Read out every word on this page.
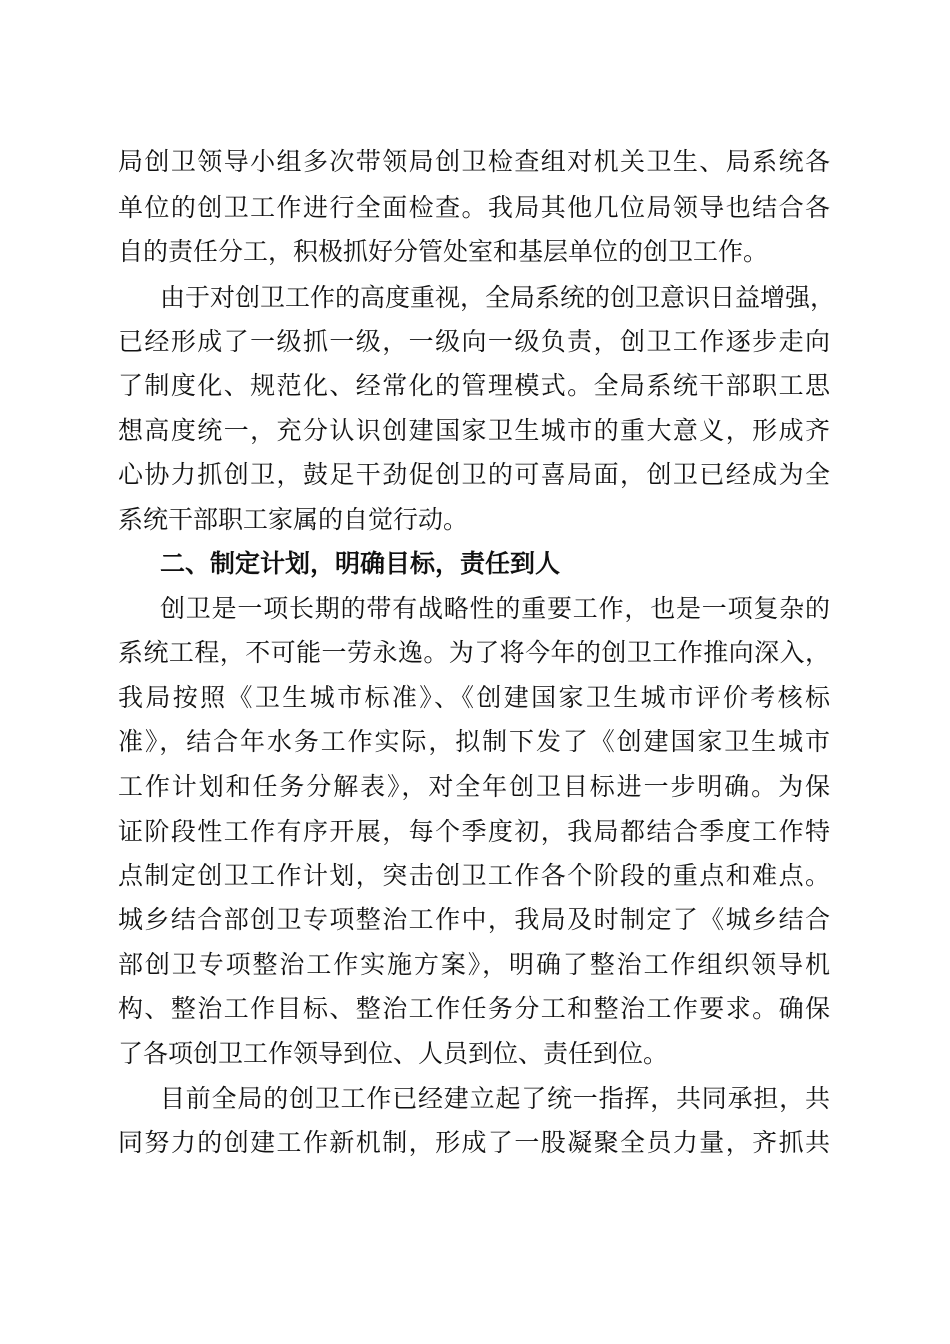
局创卫领导小组多次带领局创卫检查组对机关卫生、局系统各
单位的创卫工作进行全面检查。我局其他几位局领导也结合各
自的责任分工，积极抓好分管处室和基层单位的创卫工作。
由于对创卫工作的高度重视，全局系统的创卫意识日益增强，
已经形成了一级抓一级，一级向一级负责，创卫工作逐步走向
了制度化、规范化、经常化的管理模式。全局系统干部职工思
想高度统一，充分认识创建国家卫生城市的重大意义，形成齐
心协力抓创卫，鼓足干劲促创卫的可喜局面，创卫已经成为全
系统干部职工家属的自觉行动。
二、制定计划，明确目标，责任到人
创卫是一项长期的带有战略性的重要工作，也是一项复杂的
系统工程，不可能一劳永逸。为了将今年的创卫工作推向深入，
我局按照《卫生城市标准》、《创建国家卫生城市评价考核标
准》，结合年水务工作实际，拟制下发了《创建国家卫生城市
工作计划和任务分解表》，对全年创卫目标进一步明确。为保
证阶段性工作有序开展，每个季度初，我局都结合季度工作特
点制定创卫工作计划，突击创卫工作各个阶段的重点和难点。
城乡结合部创卫专项整治工作中，我局及时制定了《城乡结合
部创卫专项整治工作实施方案》，明确了整治工作组织领导机
构、整治工作目标、整治工作任务分工和整治工作要求。确保
了各项创卫工作领导到位、人员到位、责任到位。
目前全局的创卫工作已经建立起了统一指挥，共同承担，共
同努力的创建工作新机制，形成了一股凝聚全员力量，齐抓共
